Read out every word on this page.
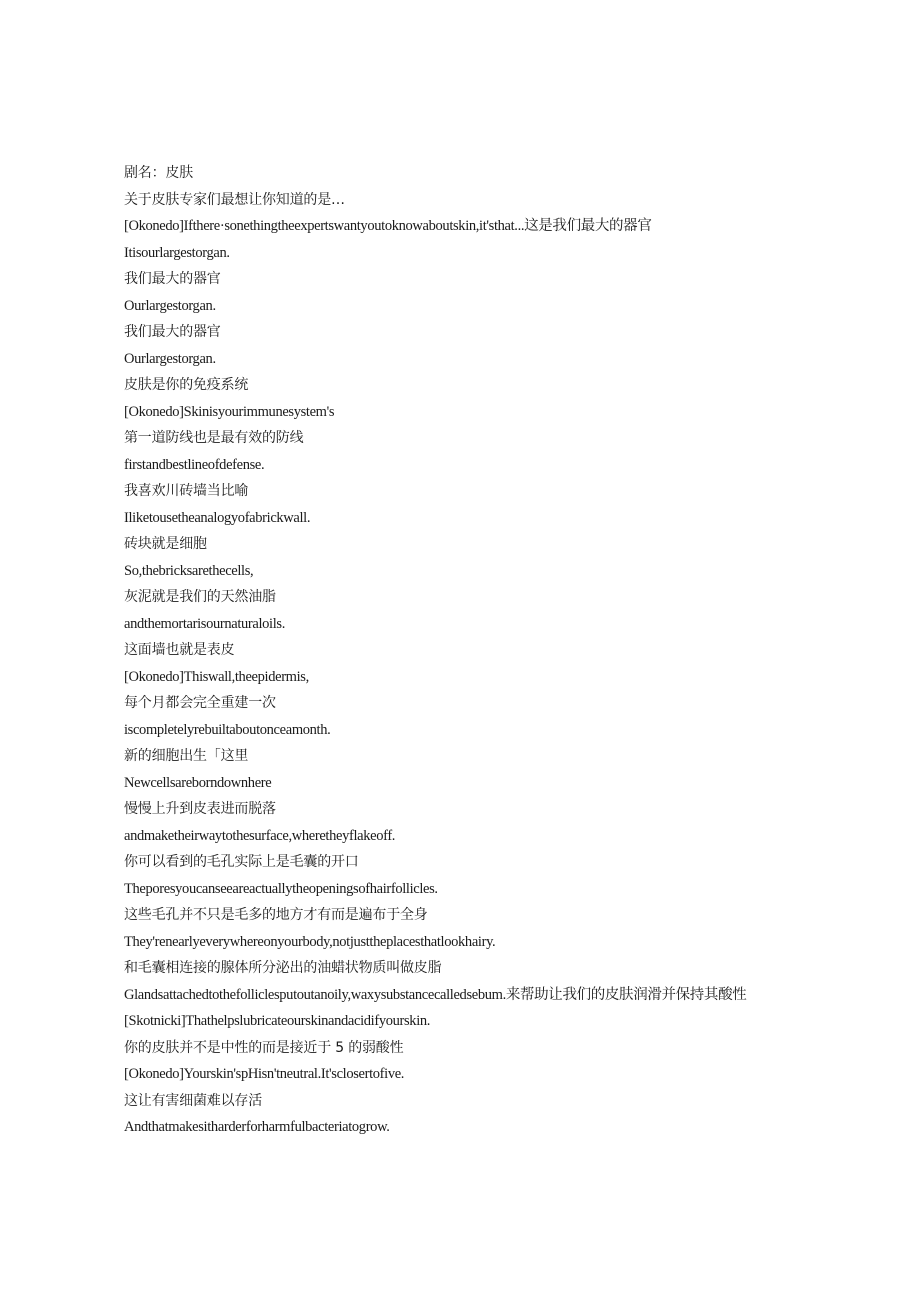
剧名：皮肤
关于皮肤专家们最想让你知道的是…
[Okonedo]Ifthere·sonethingtheexpertswantyoutoknowaboutskin,it'sthat...这是我们最大的器官
Itisourlargestorgan.
我们最大的器官
Ourlargestorgan.
我们最大的器官
Ourlargestorgan.
皮肤是你的免疫系统
[Okonedo]Skinisyourimmunesystem's
第一道防线也是最有效的防线
firstandbestlineofdefense.
我喜欢川砖墙当比喻
Iliketousetheanalogyofabrickwall.
砖块就是细胞
So,thebricksarethecells,
灰泥就是我们的天然油脂
andthemortarisournaturaloils.
这面墙也就是表皮
[Okonedo]Thiswall,theepidermis,
每个月都会完全重建一次
iscompletelyrebuiltaboutonceamonth.
新的细胞出生「这里
Newcellsareborndownhere
慢慢上升到皮表进而脱落
andmaketheirwaytothesurface,wheretheyflakeoff.
你可以看到的毛孔实际上是毛囊的开口
Theporesyoucanseeareactuallytheopeningsofhairfollicles.
这些毛孔并不只是毛多的地方才有而是遍布于全身
They'renearlyeverywhereonyourbody,notjusttheplacesthatlookhairy.
和毛囊相连接的腺体所分泌出的油蜡状物质叫做皮脂
Glandsattachedtothefolliclesputoutanoily,waxysubstancecalledsebum.来帮助让我们的皮肤润滑并保持其酸性
[Skotnicki]Thathelpslubricateourskinandacidifyourskin.
你的皮肤并不是中性的而是接近于 5 的弱酸性
[Okonedo]Yourskin'spHisn'tneutral.It'sclosertofive.
这让有害细菌难以存活
Andthatmakesitharderforharmfulbacteriatogrow.
